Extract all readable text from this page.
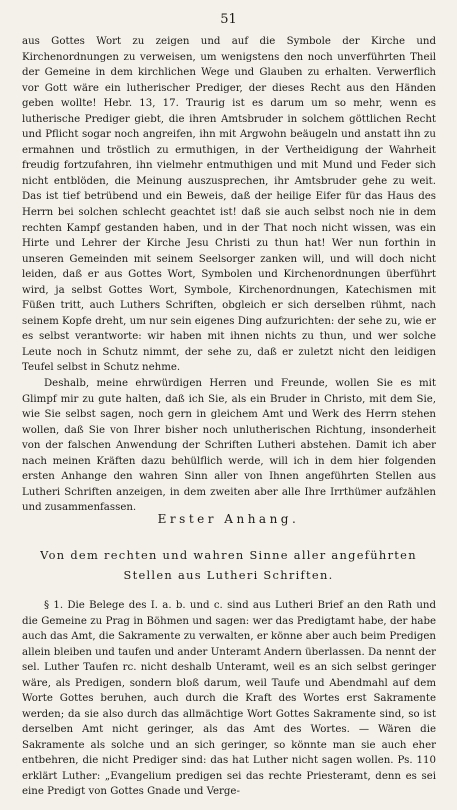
51

aus Gottes Wort zu zeigen und auf die Symbole der Kirche und Kirchenordnungen zu verweisen, um wenigstens den noch unverführten Theil der Gemeine in dem kirchlichen Wege und Glauben zu erhalten. Verwerflich vor Gott wäre ein lutherischer Prediger, der dieses Recht aus den Händen geben wollte! Hebr. 13, 17. Traurig ist es darum um so mehr, wenn es lutherische Prediger giebt, die ihren Amtsbruder in solchem göttlichen Recht und Pflicht sogar noch angreifen, ihn mit Argwohn beäugeln und anstatt ihn zu ermahnen und tröstlich zu ermuthigen, in der Vertheidigung der Wahrheit freudig fortzufahren, ihn vielmehr entmuthigen und mit Mund und Feder sich nicht entblöden, die Meinung auszusprechen, ihr Amtsbruder gehe zu weit. Das ist tief betrübend und ein Beweis, daß der heilige Eifer für das Haus des Herrn bei solchen schlecht geachtet ist! daß sie auch selbst noch nie in dem rechten Kampf gestanden haben, und in der That noch nicht wissen, was ein Hirte und Lehrer der Kirche Jesu Christi zu thun hat! Wer nun forthin in unseren Gemeinden mit seinem Seelsorger zanken will, und will doch nicht leiden, daß er aus Gottes Wort, Symbolen und Kirchenordnungen überführt wird, ja selbst Gottes Wort, Symbole, Kirchenordnungen, Katechismen mit Füßen tritt, auch Luthers Schriften, obgleich er sich derselben rühmt, nach seinem Kopfe dreht, um nur sein eigenes Ding aufzurichten: der sehe zu, wie er es selbst verantworte: wir haben mit ihnen nichts zu thun, und wer solche Leute noch in Schutz nimmt, der sehe zu, daß er zuletzt nicht den leidigen Teufel selbst in Schutz nehme.

Deshalb, meine ehrwürdigen Herren und Freunde, wollen Sie es mit Glimpf mir zu gute halten, daß ich Sie, als ein Bruder in Christo, mit dem Sie, wie Sie selbst sagen, noch gern in gleichem Amt und Werk des Herrn stehen wollen, daß Sie von Ihrer bisher noch unlutherischen Richtung, insonderheit von der falschen Anwendung der Schriften Lutheri abstehen. Damit ich aber nach meinen Kräften dazu behülflich werde, will ich in dem hier folgenden ersten Anhange den wahren Sinn aller von Ihnen angeführten Stellen aus Lutheri Schriften anzeigen, in dem zweiten aber alle Ihre Irrthümer aufzählen und zusammenfassen.

Erster Anhang.
Von dem rechten und wahren Sinne aller angeführten Stellen aus Lutheri Schriften.

§ 1. Die Belege des I. a. b. und c. sind aus Lutheri Brief an den Rath und die Gemeine zu Prag in Böhmen und sagen: wer das Predigtamt habe, der habe auch das Amt, die Sakramente zu verwalten, er könne aber auch beim Predigen allein bleiben und taufen und ander Unteramt Andern überlassen. Da nennt der sel. Luther Taufen rc. nicht deshalb Unteramt, weil es an sich selbst geringer wäre, als Predigen, sondern bloß darum, weil Taufe und Abendmahl auf dem Worte Gottes beruhen, auch durch die Kraft des Wortes erst Sakramente werden; da sie also durch das allmächtige Wort Gottes Sakramente sind, so ist derselben Amt nicht geringer, als das Amt des Wortes. — Wären die Sakramente als solche und an sich geringer, so könnte man sie auch eher entbehren, die nicht Prediger sind: das hat Luther nicht sagen wollen. Ps. 110 erklärt Luther: „Evangelium predigen sei das rechte Priesteramt, denn es sei eine Predigt von Gottes Gnade und Verge-
